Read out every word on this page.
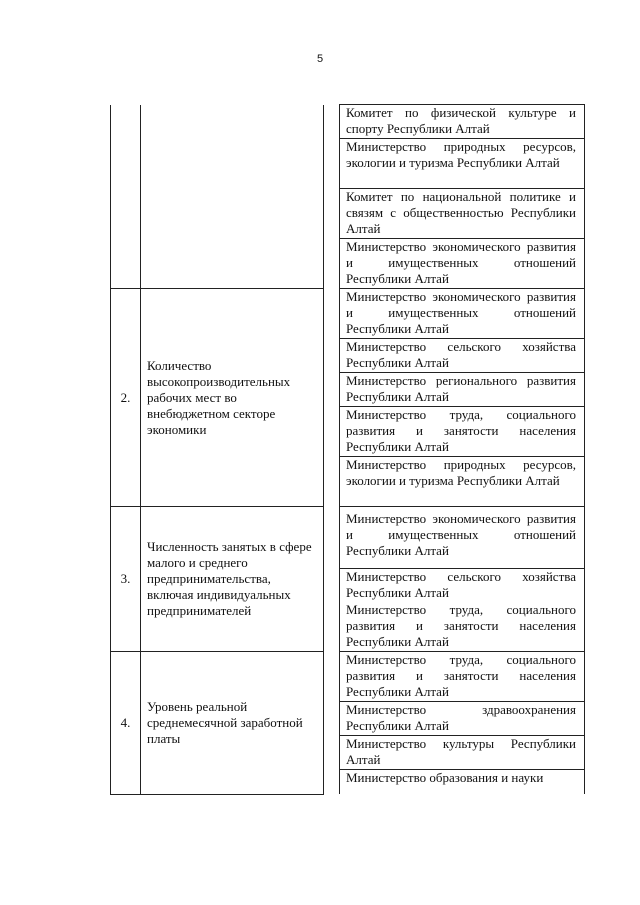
5

			Комитет по физической культуре и спорту Республики Алтай

			Министерство природных ресурсов, экологии и туризма Республики Алтай

			Комитет по национальной политике и связям с общественностью Республики Алтай

			Министерство экономического развития и имущественных отношений Республики Алтай

2.	Количество высокопроизводительных рабочих мест во внебюджетном секторе экономики		Министерство экономического развития и имущественных отношений Республики Алтай

			Министерство сельского хозяйства Республики Алтай

			Министерство регионального развития Республики Алтай

			Министерство труда, социального развития и занятости населения Республики Алтай

			Министерство природных ресурсов, экологии и туризма Республики Алтай

3.	Численность занятых в сфере малого и среднего предпринимательства, включая индивидуальных предпринимателей		Министерство экономического развития и имущественных отношений Республики Алтай

			Министерство сельского хозяйства Республики Алтай

			Министерство труда, социального развития и занятости населения Республики Алтай

4.	Уровень реальной среднемесячной заработной платы		Министерство труда, социального развития и занятости населения Республики Алтай

			Министерство здравоохранения Республики Алтай

			Министерство культуры Республики Алтай

			Министерство образования и науки
